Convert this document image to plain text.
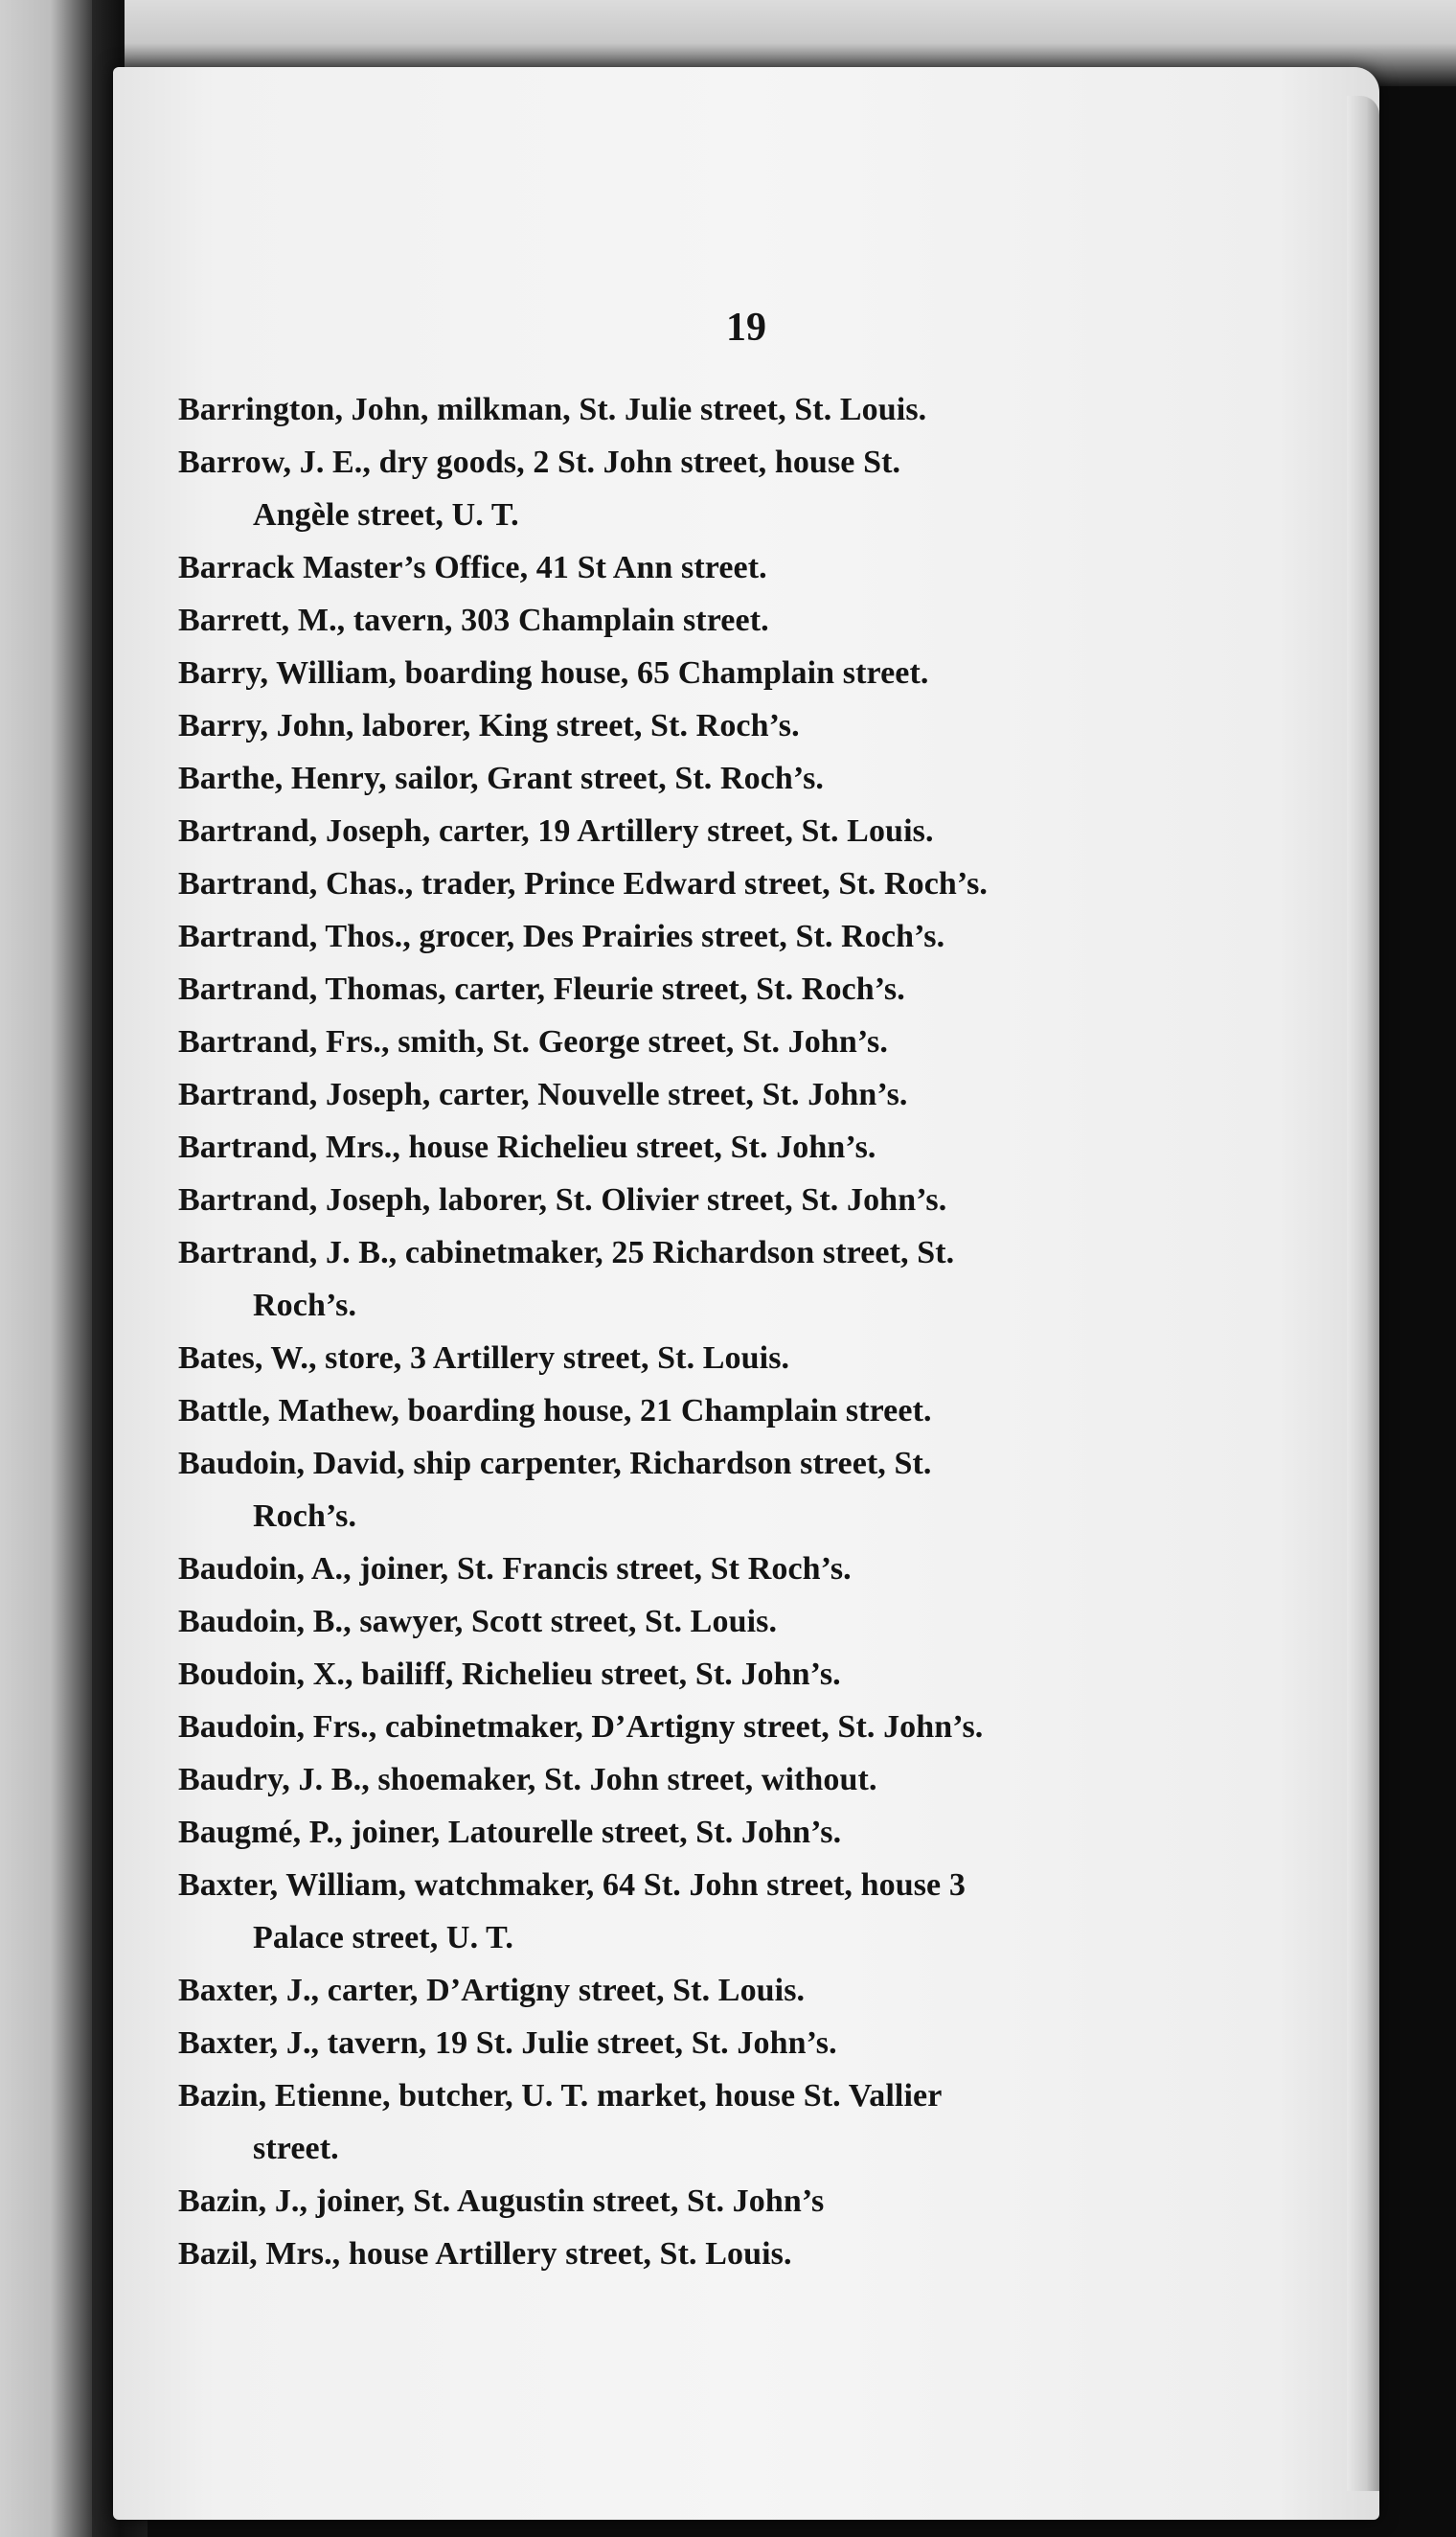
19

Barrington, John, milkman, St. Julie street, St. Louis.

Barrow, J. E., dry goods, 2 St. John street, house St.
Angèle street, U. T.

Barrack Master’s Office, 41 St Ann street.

Barrett, M., tavern, 303 Champlain street.

Barry, William, boarding house, 65 Champlain street.

Barry, John, laborer, King street, St. Roch’s.

Barthe, Henry, sailor, Grant street, St. Roch’s.

Bartrand, Joseph, carter, 19 Artillery street, St. Louis.

Bartrand, Chas., trader, Prince Edward street, St. Roch’s.

Bartrand, Thos., grocer, Des Prairies street, St. Roch’s.

Bartrand, Thomas, carter, Fleurie street, St. Roch’s.

Bartrand, Frs., smith, St. George street, St. John’s.

Bartrand, Joseph, carter, Nouvelle street, St. John’s.

Bartrand, Mrs., house Richelieu street, St. John’s.

Bartrand, Joseph, laborer, St. Olivier street, St. John’s.

Bartrand, J. B., cabinetmaker, 25 Richardson street, St.
Roch’s.

Bates, W., store, 3 Artillery street, St. Louis.

Battle, Mathew, boarding house, 21 Champlain street.

Baudoin, David, ship carpenter, Richardson street, St.
Roch’s.

Baudoin, A., joiner, St. Francis street, St Roch’s.

Baudoin, B., sawyer, Scott street, St. Louis.

Boudoin, X., bailiff, Richelieu street, St. John’s.

Baudoin, Frs., cabinetmaker, D’Artigny street, St. John’s.

Baudry, J. B., shoemaker, St. John street, without.

Baugmé, P., joiner, Latourelle street, St. John’s.

Baxter, William, watchmaker, 64 St. John street, house 3
Palace street, U. T.

Baxter, J., carter, D’Artigny street, St. Louis.

Baxter, J., tavern, 19 St. Julie street, St. John’s.

Bazin, Etienne, butcher, U. T. market, house St. Vallier
street.

Bazin, J., joiner, St. Augustin street, St. John’s

Bazil, Mrs., house Artillery street, St. Louis.
